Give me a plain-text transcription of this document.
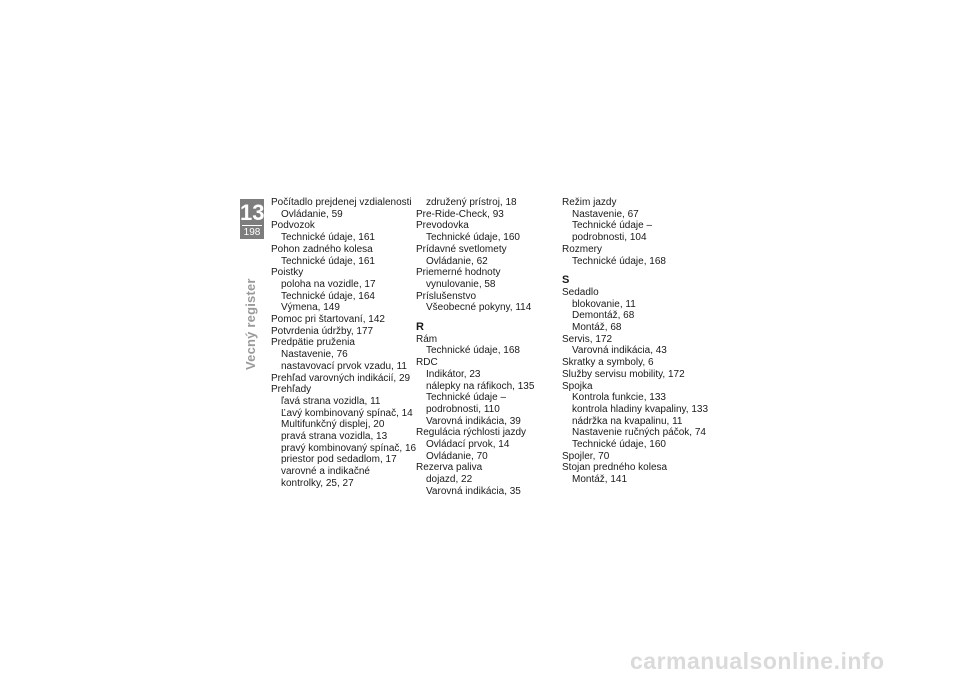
13
198
Vecný register
Počítadlo prejdenej vzdialenosti
Ovládanie, 59
Podvozok
Technické údaje, 161
Pohon zadného kolesa
Technické údaje, 161
Poistky
poloha na vozidle, 17
Technické údaje, 164
Výmena, 149
Pomoc pri štartovaní, 142
Potvrdenia údržby, 177
Predpätie pruženia
Nastavenie, 76
nastavovací prvok vzadu, 11
Prehľad varovných indikácií, 29
Prehľady
ľavá strana vozidla, 11
Ľavý kombinovaný spínač, 14
Multifunkčný displej, 20
pravá strana vozidla, 13
pravý kombinovaný spínač, 16
priestor pod sedadlom, 17
varovné a indikačné
kontrolky, 25, 27
združený prístroj, 18
Pre-Ride-Check, 93
Prevodovka
Technické údaje, 160
Prídavné svetlomety
Ovládanie, 62
Priemerné hodnoty
vynulovanie, 58
Príslušenstvo
Všeobecné pokyny, 114
R
Rám
Technické údaje, 168
RDC
Indikátor, 23
nálepky na ráfikoch, 135
Technické údaje –
podrobnosti, 110
Varovná indikácia, 39
Regulácia rýchlosti jazdy
Ovládací prvok, 14
Ovládanie, 70
Rezerva paliva
dojazd, 22
Varovná indikácia, 35
Režim jazdy
Nastavenie, 67
Technické údaje –
podrobnosti, 104
Rozmery
Technické údaje, 168
S
Sedadlo
blokovanie, 11
Demontáž, 68
Montáž, 68
Servis, 172
Varovná indikácia, 43
Skratky a symboly, 6
Služby servisu mobility, 172
Spojka
Kontrola funkcie, 133
kontrola hladiny kvapaliny, 133
nádržka na kvapalinu, 11
Nastavenie ručných páčok, 74
Technické údaje, 160
Spojler, 70
Stojan predného kolesa
Montáž, 141
carmanualsonline.info
